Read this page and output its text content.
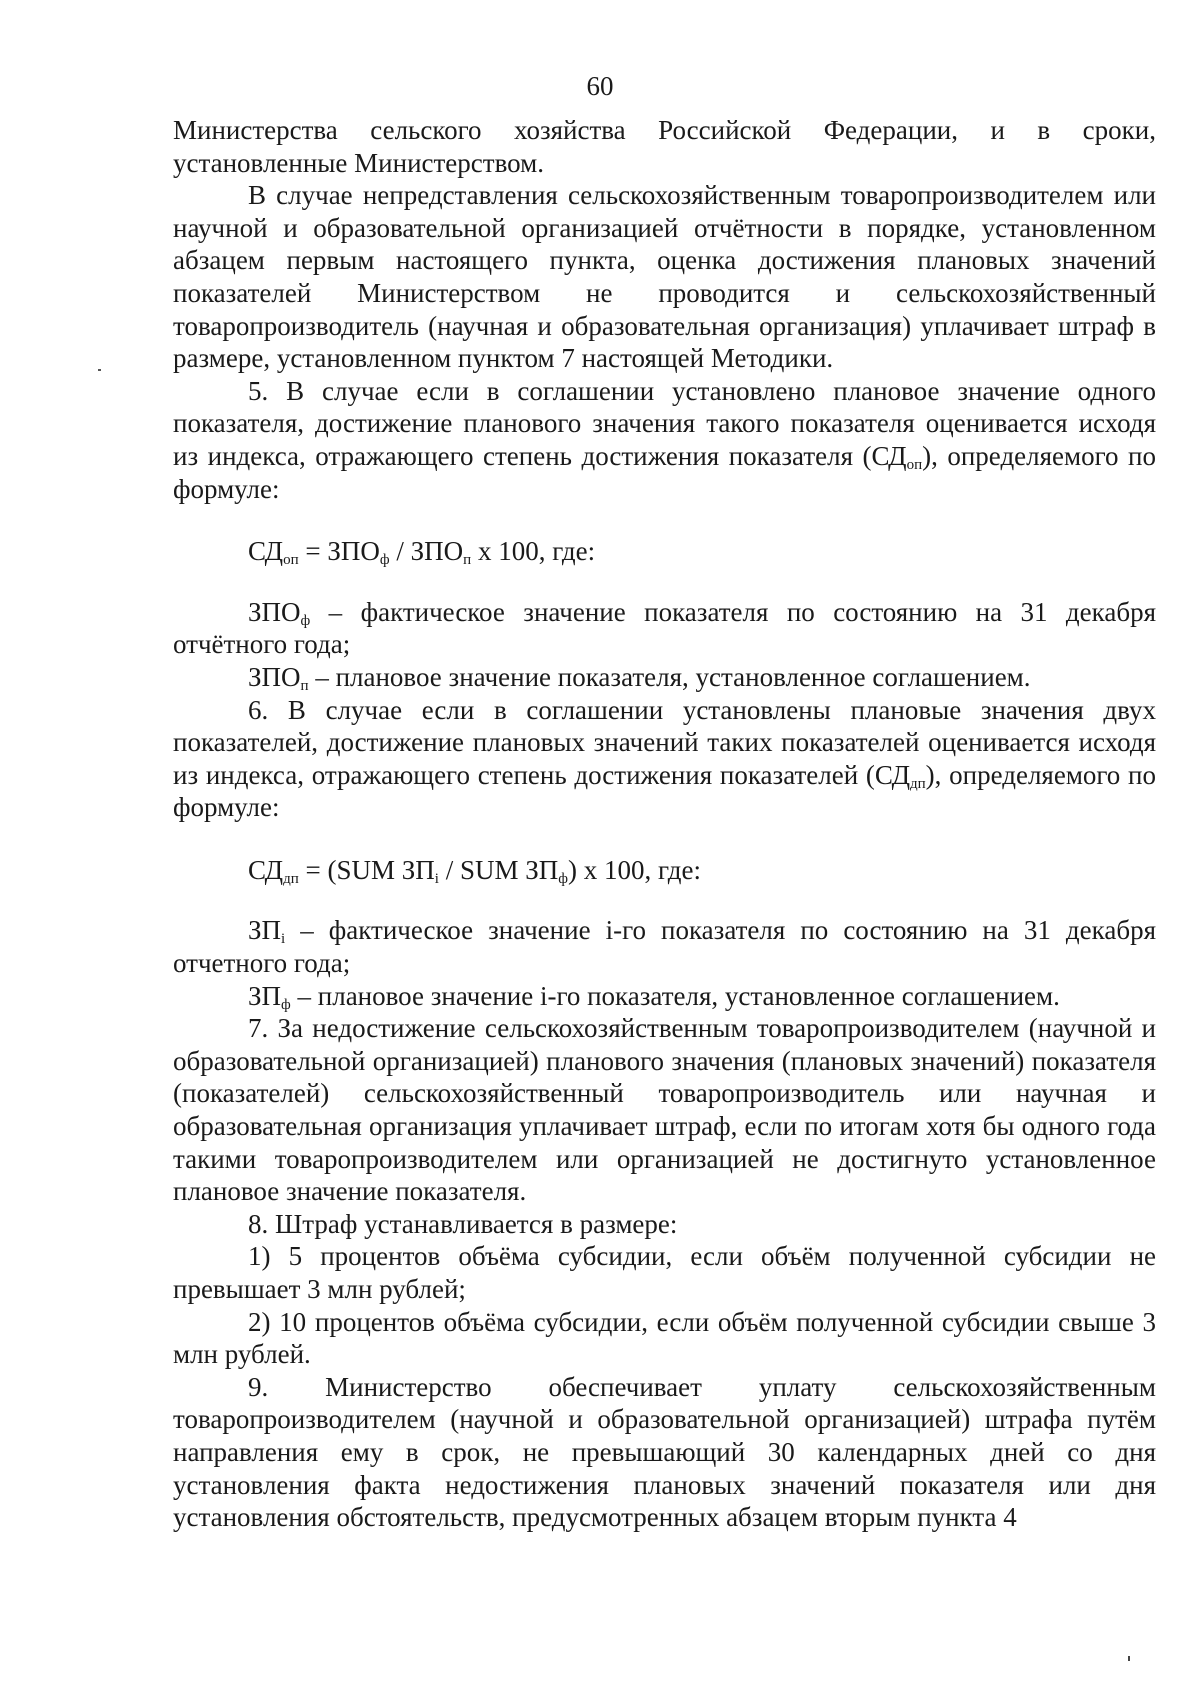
60

Министерства сельского хозяйства Российской Федерации, и в сроки, установленные Министерством.

В случае непредставления сельскохозяйственным товаропроизводителем или научной и образовательной организацией отчётности в порядке, установленном абзацем первым настоящего пункта, оценка достижения плановых значений показателей Министерством не проводится и сельскохозяйственный товаропроизводитель (научная и образовательная организация) уплачивает штраф в размере, установленном пунктом 7 настоящей Методики.

5. В случае если в соглашении установлено плановое значение одного показателя, достижение планового значения такого показателя оценивается исходя из индекса, отражающего степень достижения показателя $(СД_{оп})$, определяемого по формуле:

$СД_{оп} = ЗПО_ф / ЗПО_п$ x 100, где:

$ЗПО_ф$ – фактическое значение показателя по состоянию на 31 декабря отчётного года;

$ЗПО_п$ – плановое значение показателя, установленное соглашением.

6. В случае если в соглашении установлены плановые значения двух показателей, достижение плановых значений таких показателей оценивается исходя из индекса, отражающего степень достижения показателей $(СД_{дп})$, определяемого по формуле:

$СД_{дп} = (SUM$ $ЗП_i$ / SUM $ЗП_ф$) x 100, где:

$ЗП_i$ – фактическое значение i-го показателя по состоянию на 31 декабря отчетного года;

$ЗП_ф$ – плановое значение i-го показателя, установленное соглашением.

7. За недостижение сельскохозяйственным товаропроизводителем (научной и образовательной организацией) планового значения (плановых значений) показателя (показателей) сельскохозяйственный товаропроизводитель или научная и образовательная организация уплачивает штраф, если по итогам хотя бы одного года такими товаропроизводителем или организацией не достигнуто установленное плановое значение показателя.

8. Штраф устанавливается в размере:

1) 5 процентов объёма субсидии, если объём полученной субсидии не превышает 3 млн рублей;

2) 10 процентов объёма субсидии, если объём полученной субсидии свыше 3 млн рублей.

9. Министерство обеспечивает уплату сельскохозяйственным товаропроизводителем (научной и образовательной организацией) штрафа путём направления ему в срок, не превышающий 30 календарных дней со дня установления факта недостижения плановых значений показателя или дня установления обстоятельств, предусмотренных абзацем вторым пункта 4
